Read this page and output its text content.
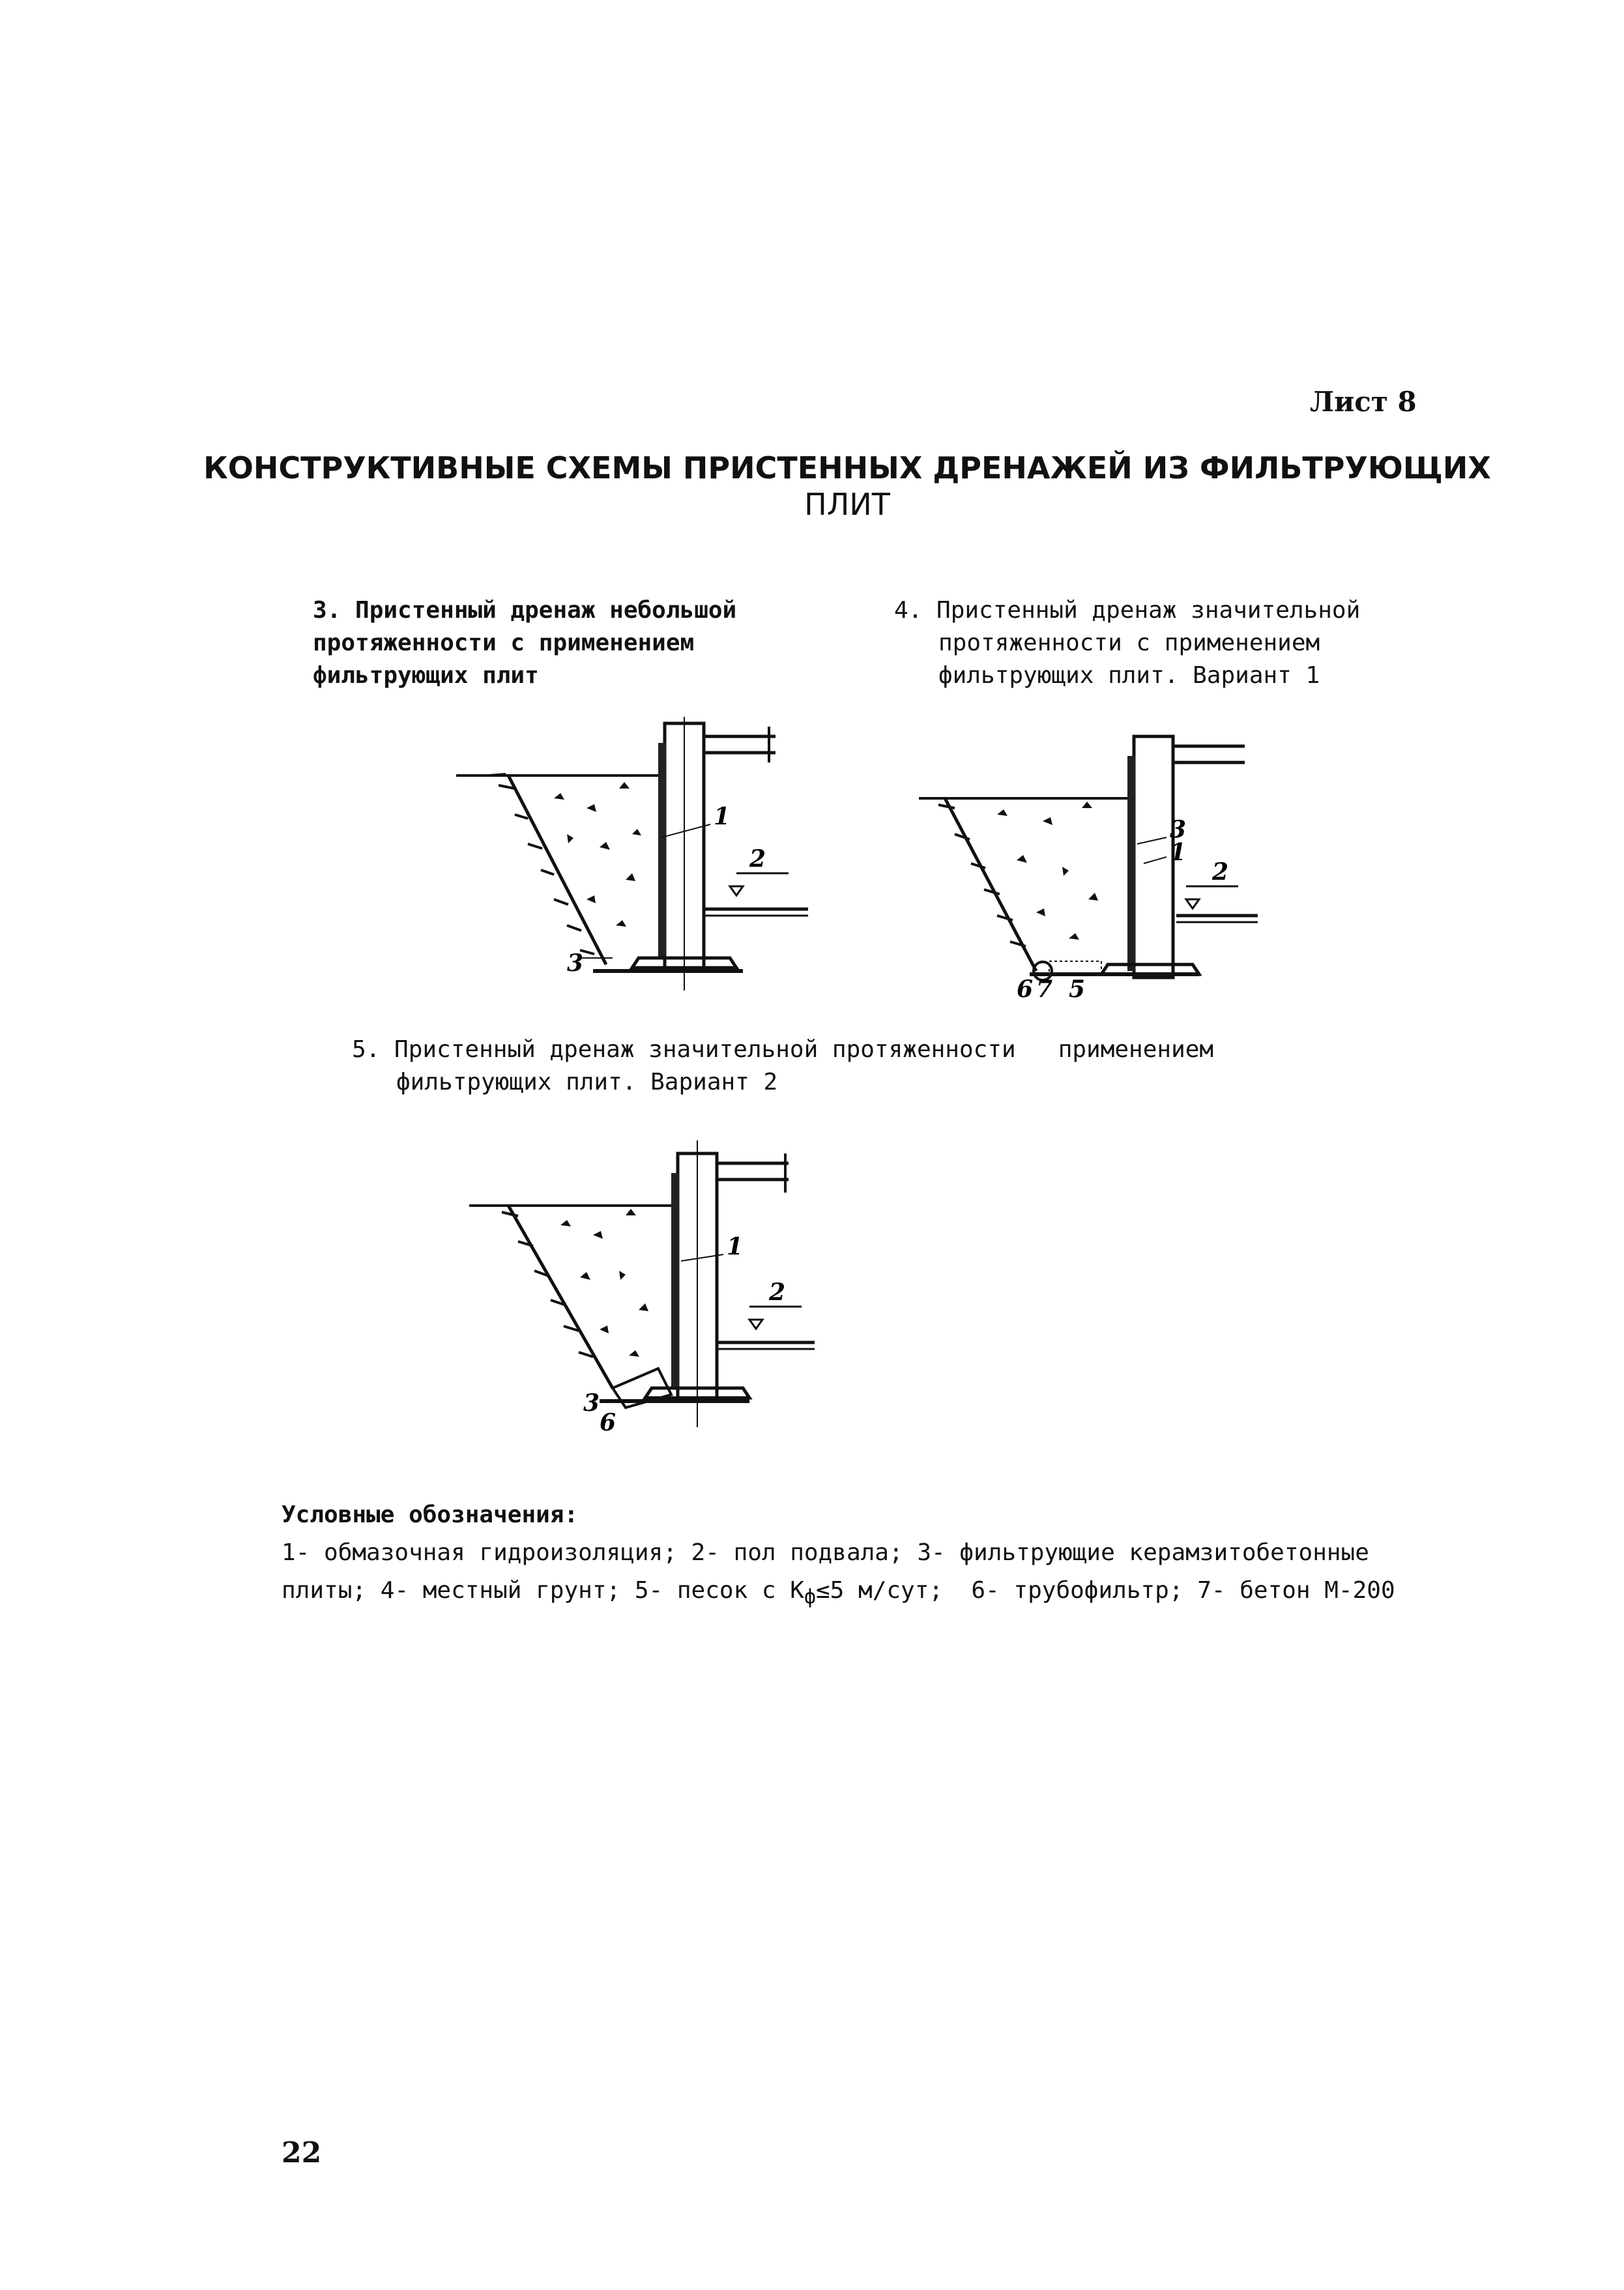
Лист 8
КОНСТРУКТИВНЫЕ СХЕМЫ ПРИСТЕННЫХ ДРЕНАЖЕЙ ИЗ ФИЛЬТРУЮЩИХ
ПЛИТ
3. Пристенный дренаж небольшой
протяженности с применением
фильтрующих плит
4. Пристенный дренаж значительной
протяженности с применением
фильтрующих плит. Вариант 1
1
2
3
3
1
2
6 7 5
5. Пристенный дренаж значительной протяженности   применением
фильтрующих плит. Вариант 2
1
2
3
6
Условные обозначения:
1- обмазочная гидроизоляция; 2- пол подвала; 3- фильтрующие керамзитобетонные
плиты; 4- местный грунт; 5- песок с $K_ф\le 5$ м/сут;  6- трубофильтр; 7- бетон М-200
22
